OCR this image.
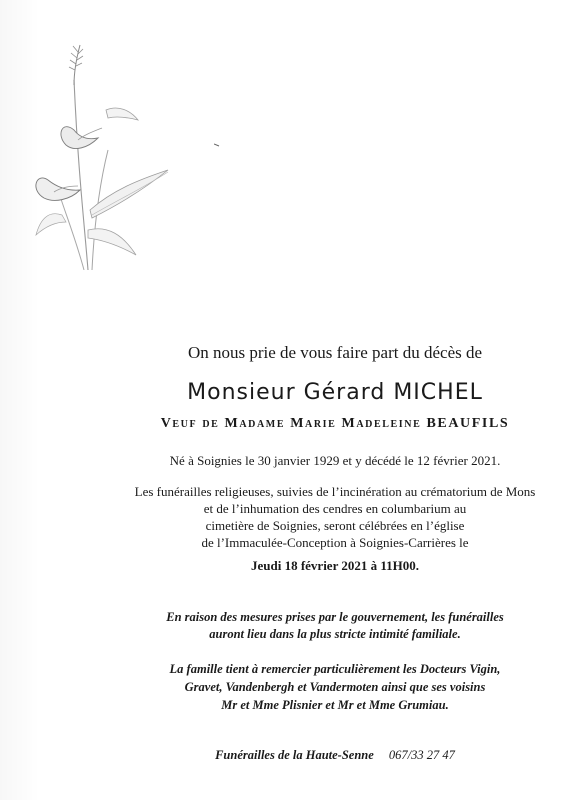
On nous prie de vous faire part du décès de
Monsieur Gérard MICHEL
Veuf de Madame Marie Madeleine BEAUFILS
Né à Soignies le 30 janvier 1929 et y décédé le 12 février 2021.
Les funérailles religieuses, suivies de l’incinération au crématorium de Mons
et de l’inhumation des cendres en columbarium au
cimetière de Soignies, seront célébrées en l’église
de l’Immaculée-Conception à Soignies-Carrières le
Jeudi 18 février 2021 à 11H00.
En raison des mesures prises par le gouvernement, les funérailles
auront lieu dans la plus stricte intimité familiale.
La famille tient à remercier particulièrement les Docteurs Vigin,
Gravet, Vandenbergh et Vandermoten ainsi que ses voisins
Mr et Mme Plisnier et Mr et Mme Grumiau.
Funérailles de la Haute-Senne 067/33 27 47
